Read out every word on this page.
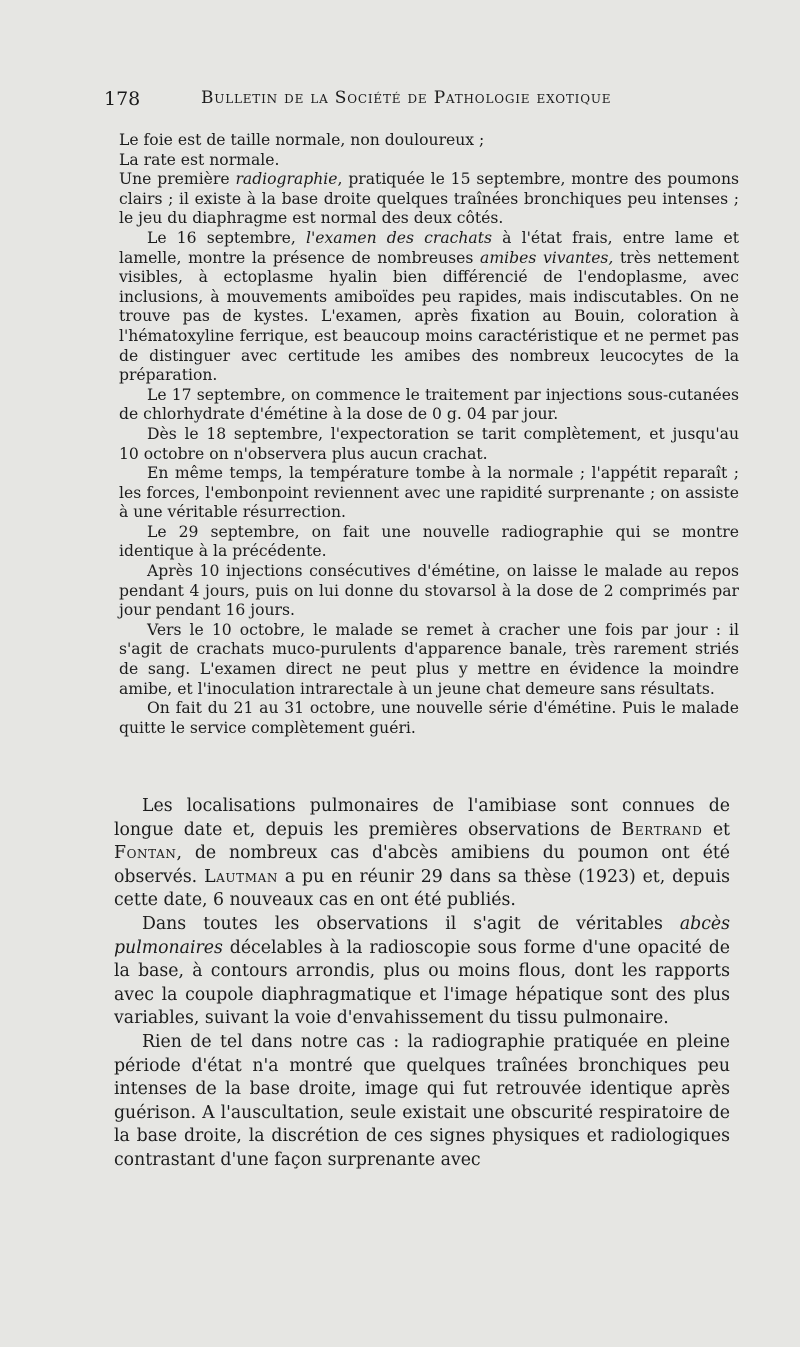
178	Bulletin de la Société de Pathologie exotique

Le foie est de taille normale, non douloureux ;

La rate est normale.

Une première radiographie, pratiquée le 15 septembre, montre des poumons clairs ; il existe à la base droite quelques traînées bronchiques peu intenses ; le jeu du diaphragme est normal des deux côtés.

Le 16 septembre, l'examen des crachats à l'état frais, entre lame et lamelle, montre la présence de nombreuses amibes vivantes, très nettement visibles, à ectoplasme hyalin bien différencié de l'endoplasme, avec inclusions, à mouvements amiboïdes peu rapides, mais indiscutables. On ne trouve pas de kystes. L'examen, après fixation au Bouin, coloration à l'hématoxyline ferrique, est beaucoup moins caractéristique et ne permet pas de distinguer avec certitude les amibes des nombreux leucocytes de la préparation.

Le 17 septembre, on commence le traitement par injections sous-cutanées de chlorhydrate d'émétine à la dose de 0 g. 04 par jour.

Dès le 18 septembre, l'expectoration se tarit complètement, et jusqu'au 10 octobre on n'observera plus aucun crachat.

En même temps, la température tombe à la normale ; l'appétit reparaît ; les forces, l'embonpoint reviennent avec une rapidité surprenante ; on assiste à une véritable résurrection.

Le 29 septembre, on fait une nouvelle radiographie qui se montre identique à la précédente.

Après 10 injections consécutives d'émétine, on laisse le malade au repos pendant 4 jours, puis on lui donne du stovarsol à la dose de 2 comprimés par jour pendant 16 jours.

Vers le 10 octobre, le malade se remet à cracher une fois par jour : il s'agit de crachats muco-purulents d'apparence banale, très rarement striés de sang. L'examen direct ne peut plus y mettre en évidence la moindre amibe, et l'inoculation intrarectale à un jeune chat demeure sans résultats.

On fait du 21 au 31 octobre, une nouvelle série d'émétine. Puis le malade quitte le service complètement guéri.

Les localisations pulmonaires de l'amibiase sont connues de longue date et, depuis les premières observations de Bertrand et Fontan, de nombreux cas d'abcès amibiens du poumon ont été observés. Lautman a pu en réunir 29 dans sa thèse (1923) et, depuis cette date, 6 nouveaux cas en ont été publiés.

Dans toutes les observations il s'agit de véritables abcès pulmonaires décelables à la radioscopie sous forme d'une opacité de la base, à contours arrondis, plus ou moins flous, dont les rapports avec la coupole diaphragmatique et l'image hépatique sont des plus variables, suivant la voie d'envahissement du tissu pulmonaire.

Rien de tel dans notre cas : la radiographie pratiquée en pleine période d'état n'a montré que quelques traînées bronchiques peu intenses de la base droite, image qui fut retrouvée identique après guérison. A l'auscultation, seule existait une obscurité respiratoire de la base droite, la discrétion de ces signes physiques et radiologiques contrastant d'une façon surprenante avec
